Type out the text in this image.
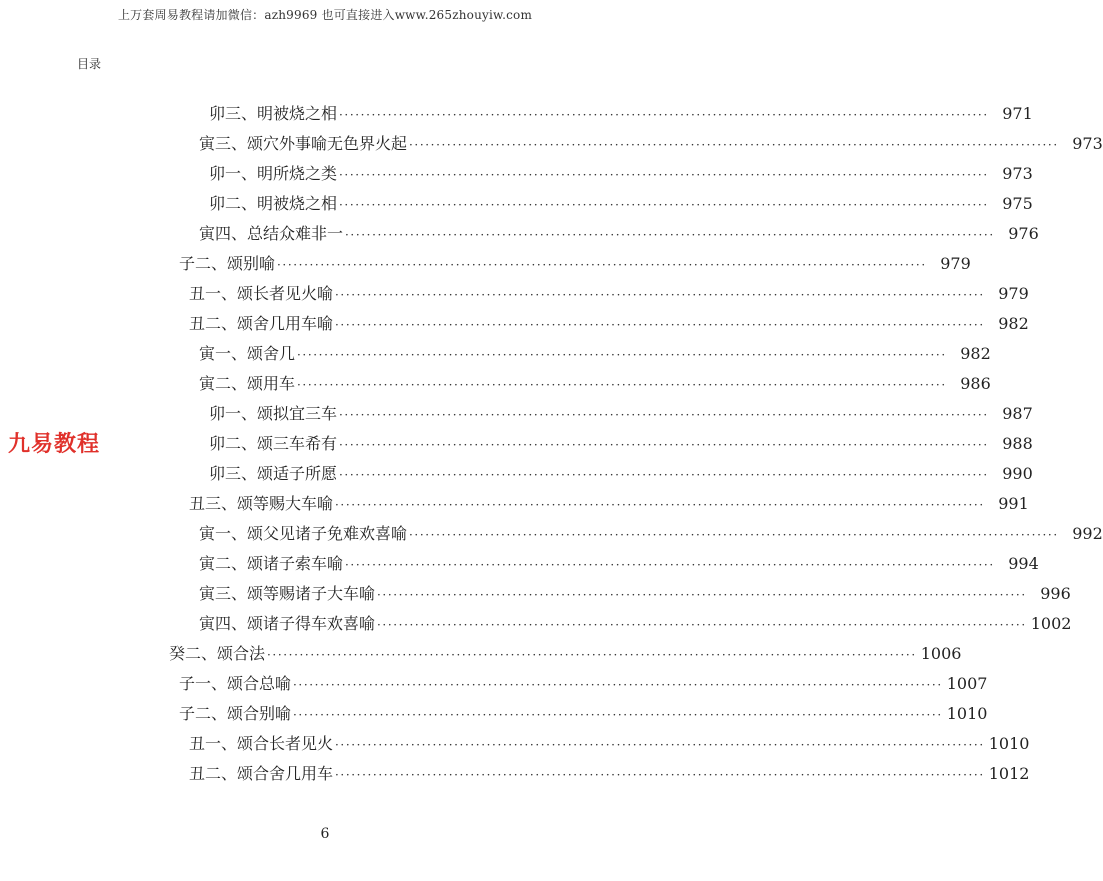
上万套周易教程请加微信：azh9969 也可直接进入www.265zhouyiw.com
目录
九易教程
卯三、明被烧之相 ························································································································ 971
寅三、颂穴外事喻无色界火起 ························································································································ 973
卯一、明所烧之类 ························································································································ 973
卯二、明被烧之相 ························································································································ 975
寅四、总结众难非一 ························································································································ 976
子二、颂别喻 ························································································································ 979
丑一、颂长者见火喻 ························································································································ 979
丑二、颂舍几用车喻 ························································································································ 982
寅一、颂舍几 ························································································································ 982
寅二、颂用车 ························································································································ 986
卯一、颂拟宜三车 ························································································································ 987
卯二、颂三车希有 ························································································································ 988
卯三、颂适子所愿 ························································································································ 990
丑三、颂等赐大车喻 ························································································································ 991
寅一、颂父见诸子免难欢喜喻 ························································································································ 992
寅二、颂诸子索车喻 ························································································································ 994
寅三、颂等赐诸子大车喻 ························································································································ 996
寅四、颂诸子得车欢喜喻 ························································································································ 1002
癸二、颂合法 ························································································································ 1006
子一、颂合总喻 ························································································································ 1007
子二、颂合别喻 ························································································································ 1010
丑一、颂合长者见火 ························································································································ 1010
丑二、颂合舍几用车 ························································································································ 1012
6
